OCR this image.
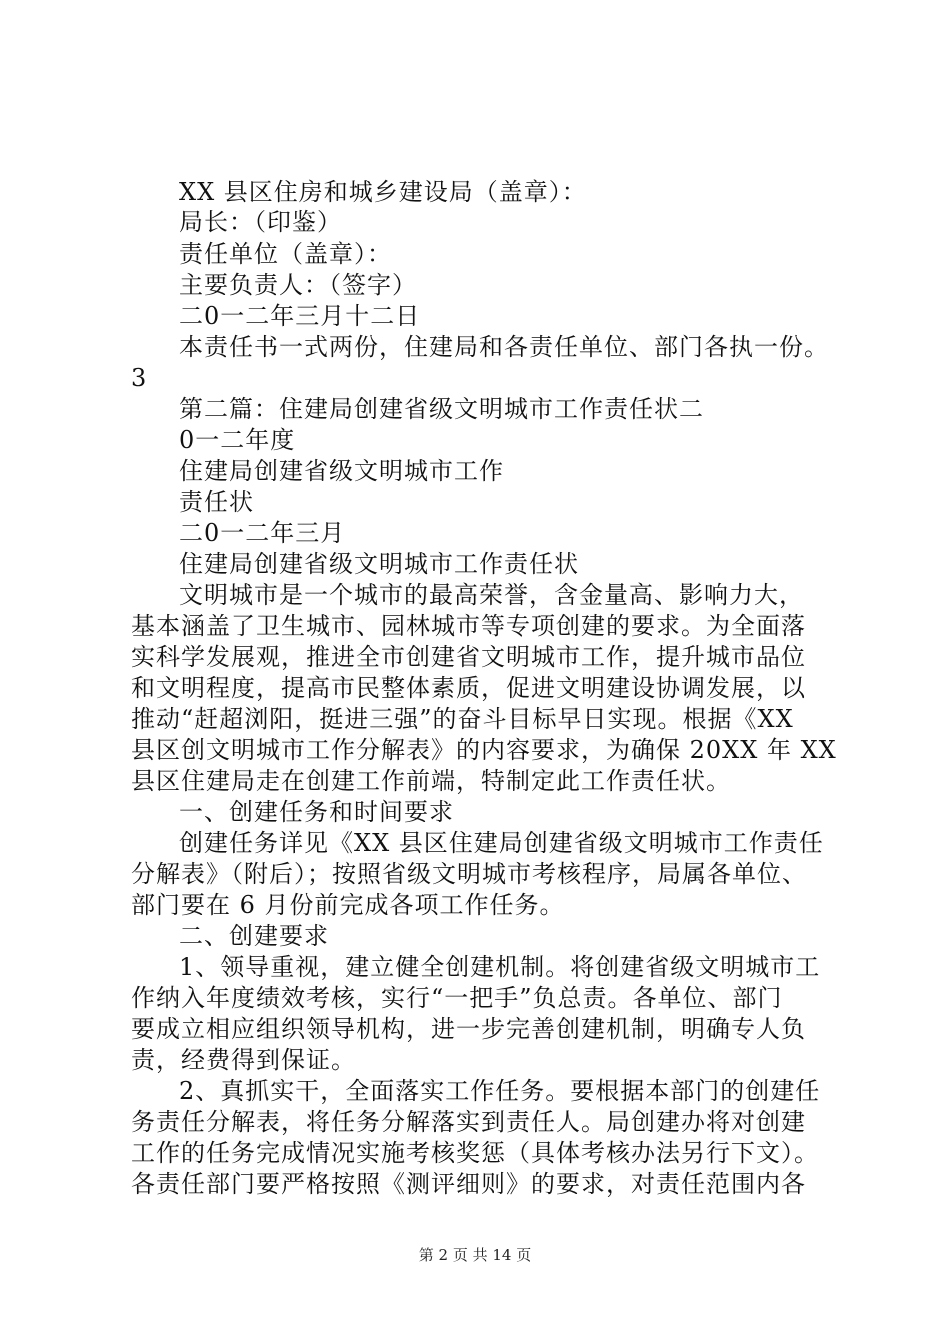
XX 县区住房和城乡建设局（盖章）：
局长：（印鉴）
责任单位（盖章）：
主要负责人：（签字）
二0一二年三月十二日
本责任书一式两份，住建局和各责任单位、部门各执一份。
3
第二篇：住建局创建省级文明城市工作责任状二
0一二年度
住建局创建省级文明城市工作
责任状
二0一二年三月
住建局创建省级文明城市工作责任状
文明城市是一个城市的最高荣誉，含金量高、影响力大，
基本涵盖了卫生城市、园林城市等专项创建的要求。为全面落
实科学发展观，推进全市创建省文明城市工作，提升城市品位
和文明程度，提高市民整体素质，促进文明建设协调发展，以
推动“赶超浏阳，挺进三强”的奋斗目标早日实现。根据《XX
县区创文明城市工作分解表》的内容要求，为确保 20XX 年 XX
县区住建局走在创建工作前端，特制定此工作责任状。
一、创建任务和时间要求
创建任务详见《XX 县区住建局创建省级文明城市工作责任
分解表》（附后）；按照省级文明城市考核程序，局属各单位、
部门要在 6 月份前完成各项工作任务。
二、创建要求
1、领导重视，建立健全创建机制。将创建省级文明城市工
作纳入年度绩效考核，实行“一把手”负总责。各单位、部门
要成立相应组织领导机构，进一步完善创建机制，明确专人负
责，经费得到保证。
2、真抓实干，全面落实工作任务。要根据本部门的创建任
务责任分解表，将任务分解落实到责任人。局创建办将对创建
工作的任务完成情况实施考核奖惩（具体考核办法另行下文）。
各责任部门要严格按照《测评细则》的要求，对责任范围内各
第 2 页 共 14 页
